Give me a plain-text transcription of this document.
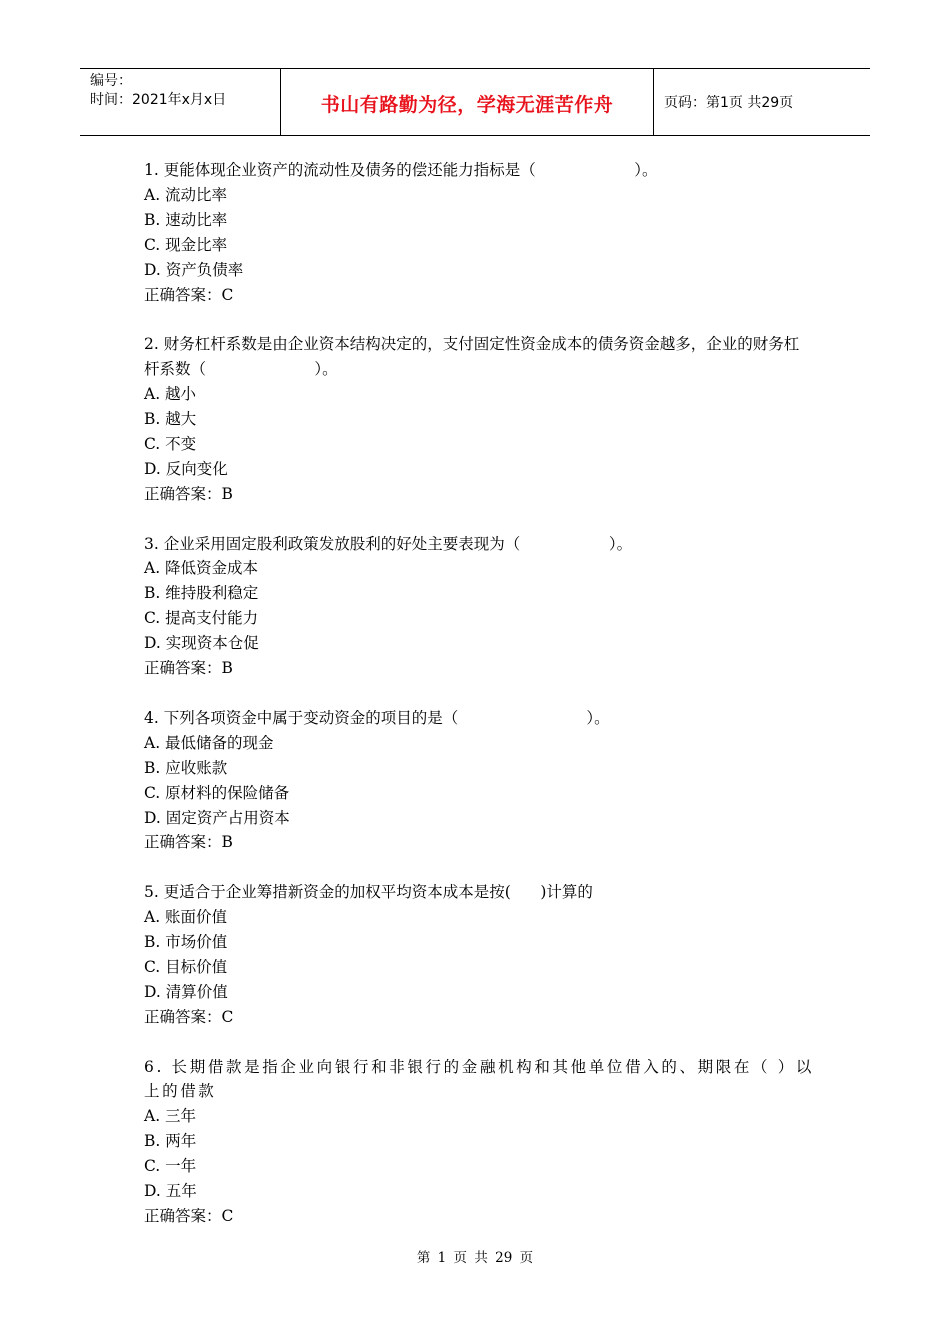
编号：
时间：2021年x月x日	书山有路勤为径，学海无涯苦作舟	页码：第1页 共29页
1. 更能体现企业资产的流动性及债务的偿还能力指标是（                    ）。
A. 流动比率
B. 速动比率
C. 现金比率
D. 资产负债率
正确答案：C
2. 财务杠杆系数是由企业资本结构决定的，支付固定性资金成本的债务资金越多，企业的财务杠杆系数（                      ）。
A. 越小
B. 越大
C. 不变
D. 反向变化
正确答案：B
3. 企业采用固定股利政策发放股利的好处主要表现为（                  ）。
A. 降低资金成本
B. 维持股利稳定
C. 提高支付能力
D. 实现资本仓促
正确答案：B
4. 下列各项资金中属于变动资金的项目的是（                          ）。
A. 最低储备的现金
B. 应收账款
C. 原材料的保险储备
D. 固定资产占用资本
正确答案：B
5. 更适合于企业筹措新资金的加权平均资本成本是按(      )计算的
A. 账面价值
B. 市场价值
C. 目标价值
D. 清算价值
正确答案：C
6. 长期借款是指企业向银行和非银行的金融机构和其他单位借入的、期限在（ ）以上的借款
A. 三年
B. 两年
C. 一年
D. 五年
正确答案：C
第 1 页 共 29 页
